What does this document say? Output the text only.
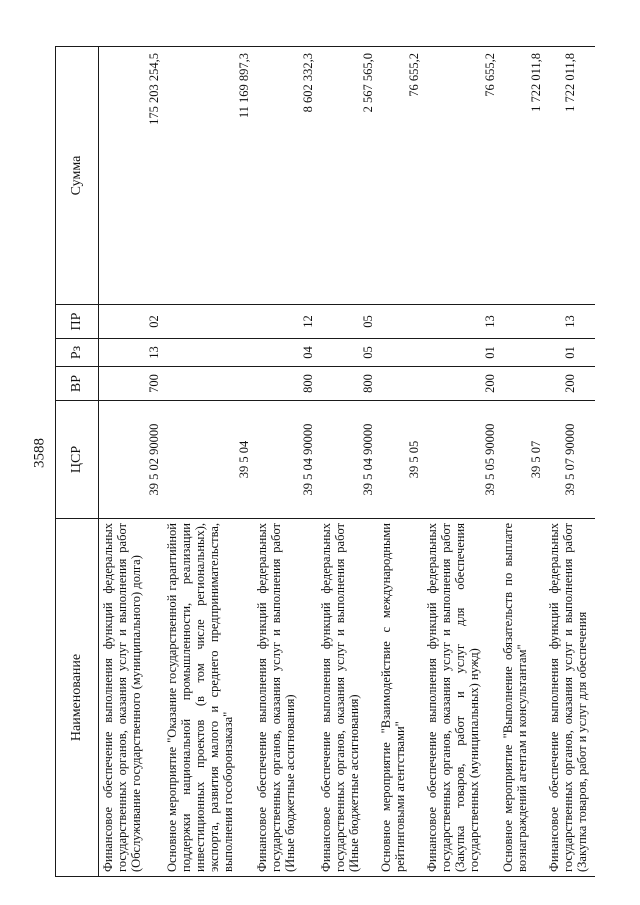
3588
Наименование	ЦСР	ВР	Рз	ПР	Сумма
Финансовое обеспечение выполнения функций федеральных государственных органов, оказания услуг и выполнения работ (Обслуживание государственного (муниципального) долга)	39 5 02 90000	700	13	02	175 203 254,5
Основное мероприятие "Оказание государственной гарантийной поддержки национальной промышленности, реализации инвестиционных проектов (в том числе региональных), экспорта, развития малого и среднего предпринимательства, выполнения гособоронзаказа"	39 5 04				11 169 897,3
Финансовое обеспечение выполнения функций федеральных государственных органов, оказания услуг и выполнения работ (Иные бюджетные ассигнования)	39 5 04 90000	800	04	12	8 602 332,3
Финансовое обеспечение выполнения функций федеральных государственных органов, оказания услуг и выполнения работ (Иные бюджетные ассигнования)	39 5 04 90000	800	05	05	2 567 565,0
Основное мероприятие "Взаимодействие с международными рейтинговыми агентствами"	39 5 05				76 655,2
Финансовое обеспечение выполнения функций федеральных государственных органов, оказания услуг и выполнения работ (Закупка товаров, работ и услуг для обеспечения государственных (муниципальных) нужд)	39 5 05 90000	200	01	13	76 655,2
Основное мероприятие "Выполнение обязательств по выплате вознаграждений агентам и консультантам"	39 5 07				1 722 011,8
Финансовое обеспечение выполнения функций федеральных государственных органов, оказания услуг и выполнения работ (Закупка товаров, работ и услуг для обеспечения	39 5 07 90000	200	01	13	1 722 011,8
